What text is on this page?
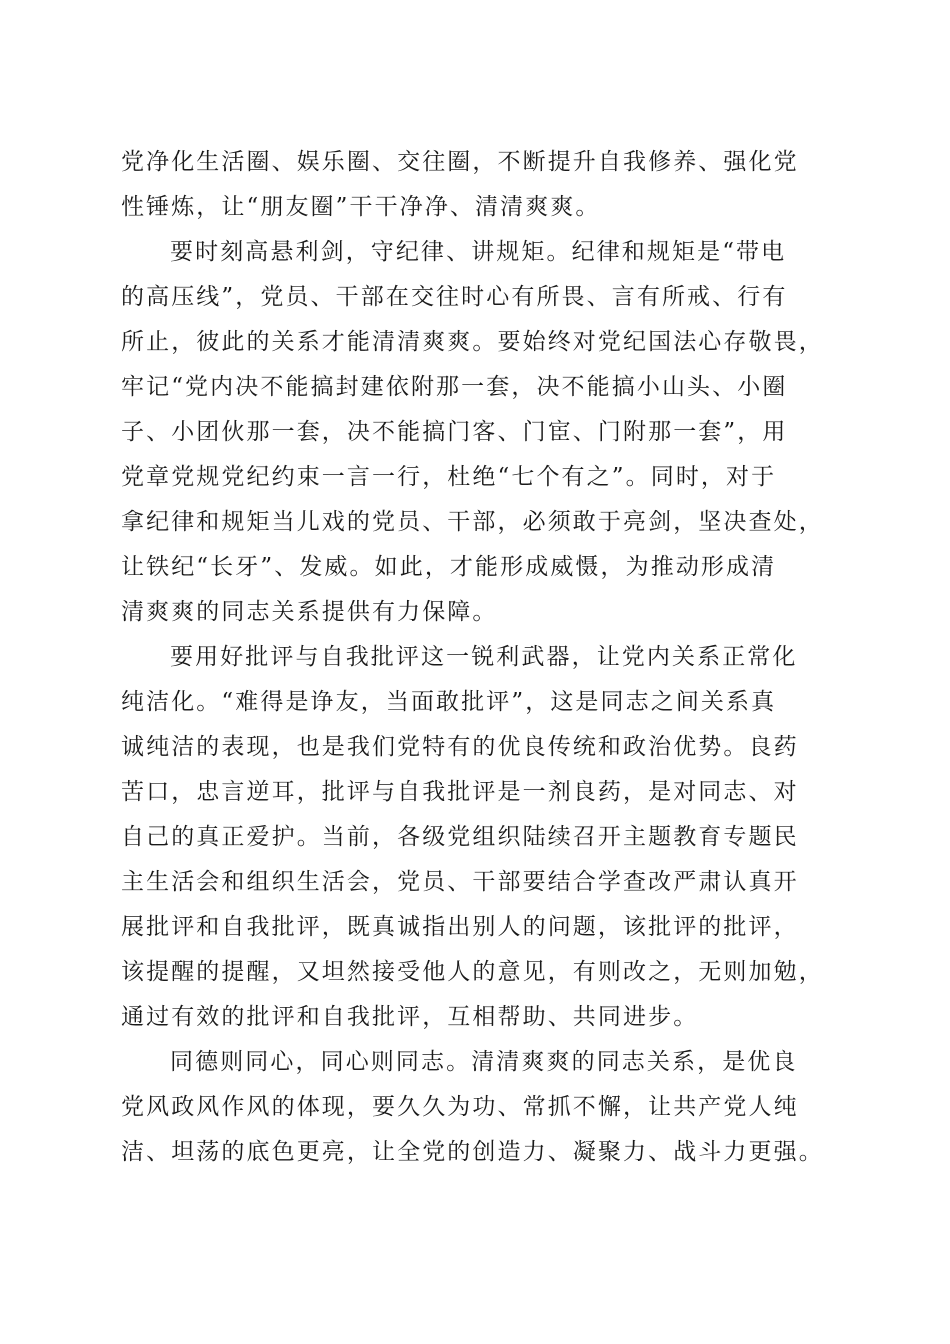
党净化生活圈、娱乐圈、交往圈，不断提升自我修养、强化党
性锤炼，让“朋友圈”干干净净、清清爽爽。
要时刻高悬利剑，守纪律、讲规矩。纪律和规矩是“带电
的高压线”，党员、干部在交往时心有所畏、言有所戒、行有
所止，彼此的关系才能清清爽爽。要始终对党纪国法心存敬畏，
牢记“党内决不能搞封建依附那一套，决不能搞小山头、小圈
子、小团伙那一套，决不能搞门客、门宦、门附那一套”，用
党章党规党纪约束一言一行，杜绝“七个有之”。同时，对于
拿纪律和规矩当儿戏的党员、干部，必须敢于亮剑，坚决查处，
让铁纪“长牙”、发威。如此，才能形成威慑，为推动形成清
清爽爽的同志关系提供有力保障。
要用好批评与自我批评这一锐利武器，让党内关系正常化
纯洁化。“难得是诤友，当面敢批评”，这是同志之间关系真
诚纯洁的表现，也是我们党特有的优良传统和政治优势。良药
苦口，忠言逆耳，批评与自我批评是一剂良药，是对同志、对
自己的真正爱护。当前，各级党组织陆续召开主题教育专题民
主生活会和组织生活会，党员、干部要结合学查改严肃认真开
展批评和自我批评，既真诚指出别人的问题，该批评的批评，
该提醒的提醒，又坦然接受他人的意见，有则改之，无则加勉，
通过有效的批评和自我批评，互相帮助、共同进步。
同德则同心，同心则同志。清清爽爽的同志关系，是优良
党风政风作风的体现，要久久为功、常抓不懈，让共产党人纯
洁、坦荡的底色更亮，让全党的创造力、凝聚力、战斗力更强。
